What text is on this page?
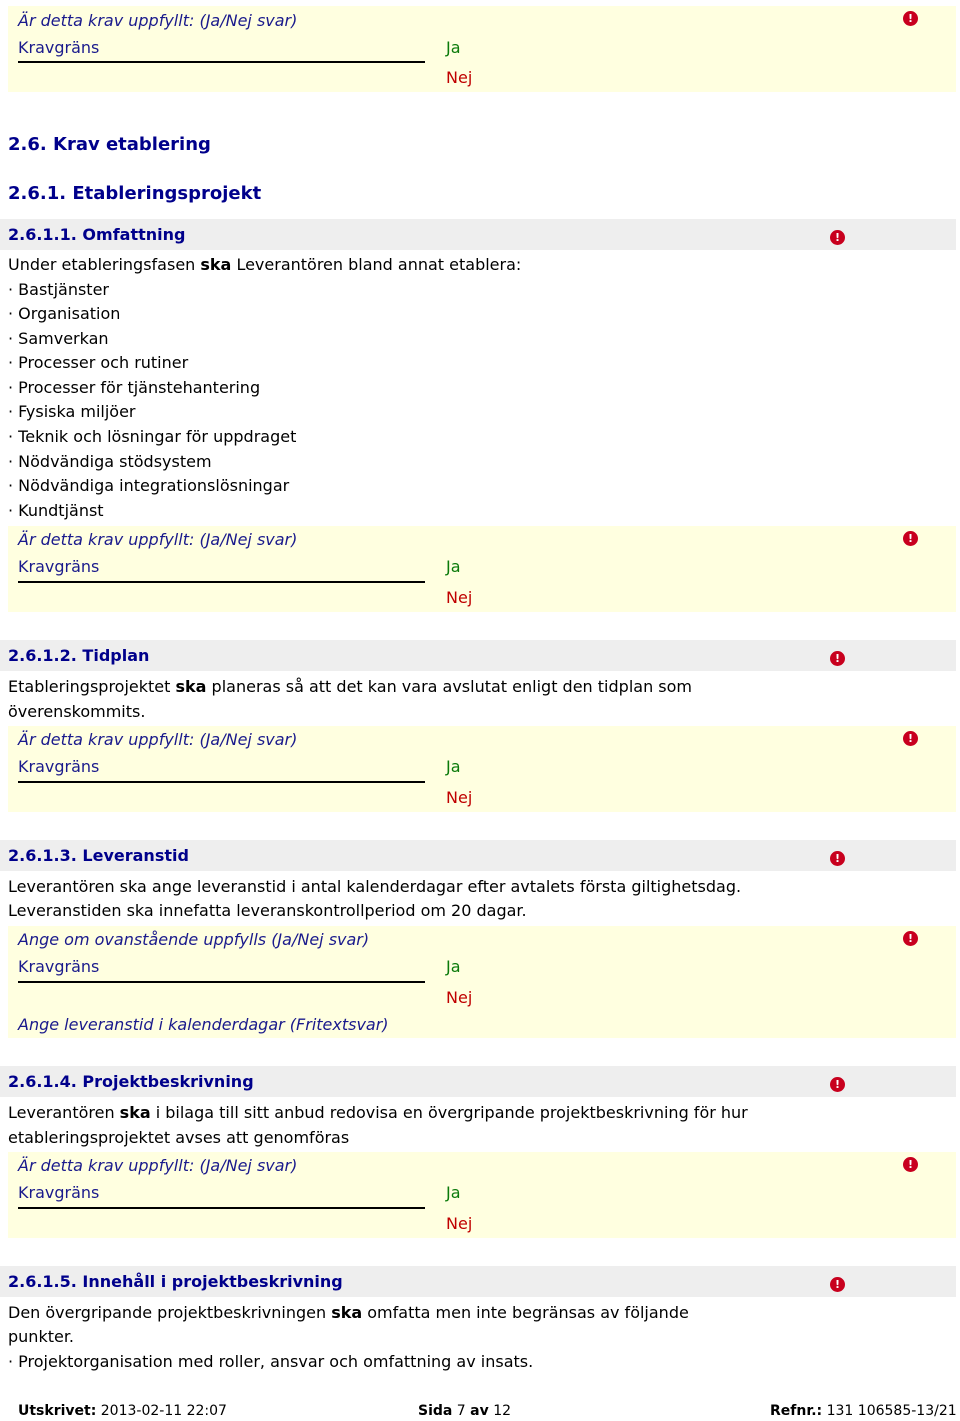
Är detta krav uppfyllt: (Ja/Nej svar)
Kravgräns	Ja
Nej
!
2.6. Krav etablering
2.6.1. Etableringsprojekt
2.6.1.1. Omfattning	!
Under etableringsfasen ska Leverantören bland annat etablera:
· Bastjänster
· Organisation
· Samverkan
· Processer och rutiner
· Processer för tjänstehantering
· Fysiska miljöer
· Teknik och lösningar för uppdraget
· Nödvändiga stödsystem
· Nödvändiga integrationslösningar
· Kundtjänst
Är detta krav uppfyllt: (Ja/Nej svar)
Kravgräns	Ja
Nej
!
2.6.1.2. Tidplan	!
Etableringsprojektet ska planeras så att det kan vara avslutat enligt den tidplan som
överenskommits.
Är detta krav uppfyllt: (Ja/Nej svar)
Kravgräns	Ja
Nej
!
2.6.1.3. Leveranstid	!
Leverantören ska ange leveranstid i antal kalenderdagar efter avtalets första giltighetsdag.
Leveranstiden ska innefatta leveranskontrollperiod om 20 dagar.
Ange om ovanstående uppfylls (Ja/Nej svar)
Kravgräns	Ja
Nej
Ange leveranstid i kalenderdagar (Fritextsvar)
!
2.6.1.4. Projektbeskrivning	!
Leverantören ska i bilaga till sitt anbud redovisa en övergripande projektbeskrivning för hur
etableringsprojektet avses att genomföras
Är detta krav uppfyllt: (Ja/Nej svar)
Kravgräns	Ja
Nej
!
2.6.1.5. Innehåll i projektbeskrivning	!
Den övergripande projektbeskrivningen ska omfatta men inte begränsas av följande
punkter.
· Projektorganisation med roller, ansvar och omfattning av insats.
Utskrivet: 2013-02-11 22:07	Sida 7 av 12	Refnr.: 131 106585-13/21
